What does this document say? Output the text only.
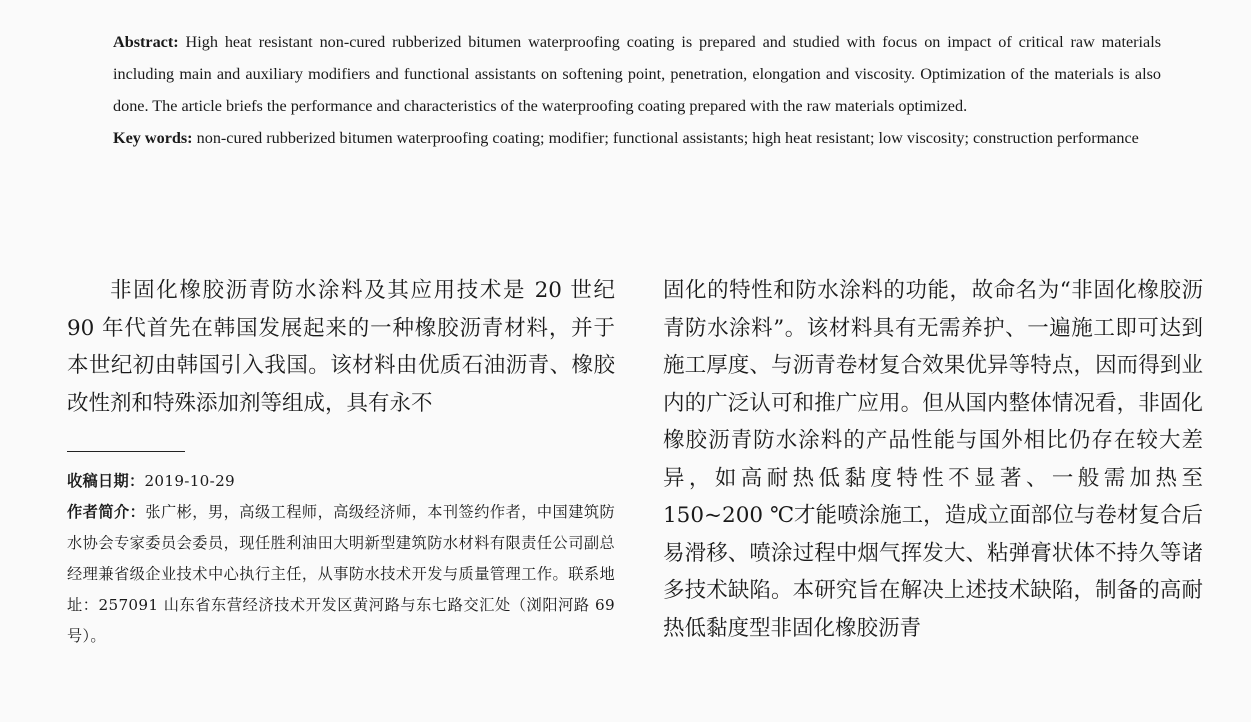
Abstract: High heat resistant non-cured rubberized bitumen waterproofing coating is prepared and studied with focus on impact of critical raw materials including main and auxiliary modifiers and functional assistants on softening point, penetration, elongation and viscosity. Optimization of the materials is also done. The article briefs the performance and characteristics of the waterproofing coating prepared with the raw materials optimized.

Key words: non-cured rubberized bitumen waterproofing coating; modifier; functional assistants; high heat resistant; low viscosity; construction performance

非固化橡胶沥青防水涂料及其应用技术是 20 世纪 90 年代首先在韩国发展起来的一种橡胶沥青材料，并于本世纪初由韩国引入我国。该材料由优质石油沥青、橡胶改性剂和特殊添加剂等组成，具有永不

收稿日期：2019-10-29

作者简介：张广彬，男，高级工程师，高级经济师，本刊签约作者，中国建筑防水协会专家委员会委员，现任胜利油田大明新型建筑防水材料有限责任公司副总经理兼省级企业技术中心执行主任，从事防水技术开发与质量管理工作。联系地址：257091 山东省东营经济技术开发区黄河路与东七路交汇处（浏阳河路 69 号）。

固化的特性和防水涂料的功能，故命名为“非固化橡胶沥青防水涂料”。该材料具有无需养护、一遍施工即可达到施工厚度、与沥青卷材复合效果优异等特点，因而得到业内的广泛认可和推广应用。但从国内整体情况看，非固化橡胶沥青防水涂料的产品性能与国外相比仍存在较大差异，如高耐热低黏度特性不显著、一般需加热至 150~200 ℃才能喷涂施工，造成立面部位与卷材复合后易滑移、喷涂过程中烟气挥发大、粘弹膏状体不持久等诸多技术缺陷。本研究旨在解决上述技术缺陷，制备的高耐热低黏度型非固化橡胶沥青
